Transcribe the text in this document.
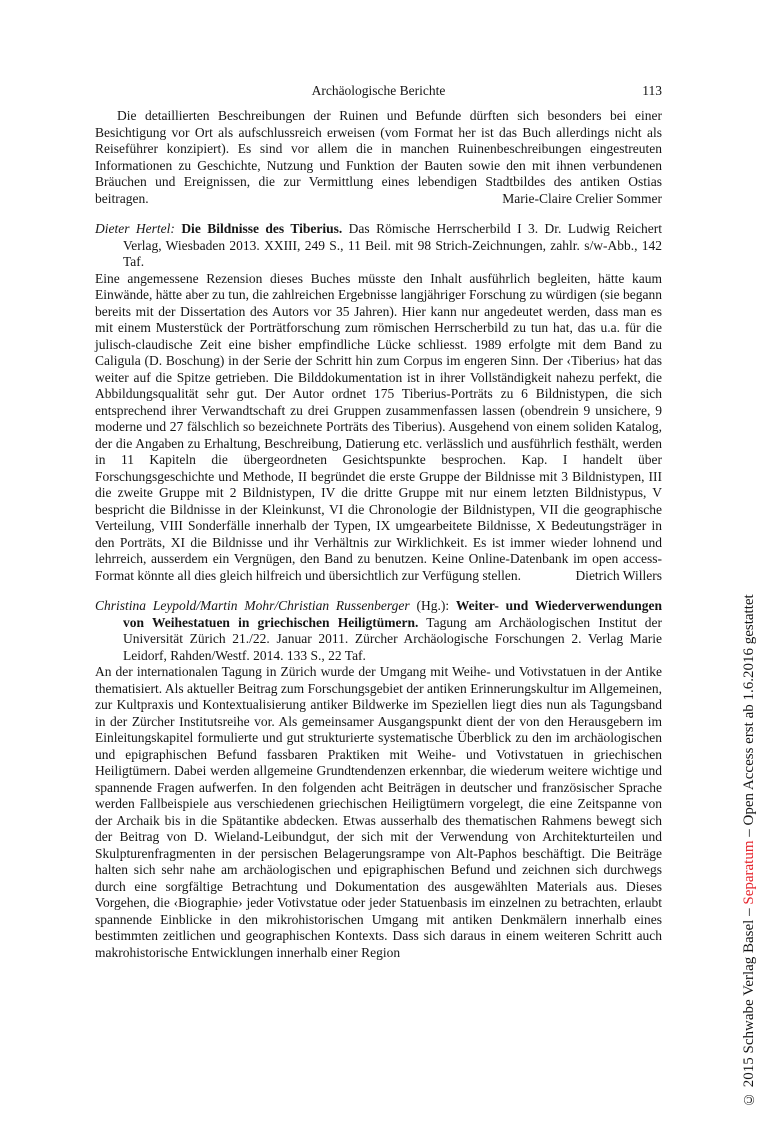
Archäologische Berichte	113

Die detaillierten Beschreibungen der Ruinen und Befunde dürften sich besonders bei einer Besichtigung vor Ort als aufschlussreich erweisen (vom Format her ist das Buch allerdings nicht als Reiseführer konzipiert). Es sind vor allem die in manchen Ruinenbeschreibungen eingestreuten Informationen zu Geschichte, Nutzung und Funktion der Bauten sowie den mit ihnen verbundenen Bräuchen und Ereignissen, die zur Vermittlung eines lebendigen Stadtbildes des antiken Ostias beitragen.	Marie-Claire Crelier Sommer

Dieter Hertel: Die Bildnisse des Tiberius. Das Römische Herrscherbild I 3. Dr. Ludwig Reichert Verlag, Wiesbaden 2013. XXIII, 249 S., 11 Beil. mit 98 Strich-Zeichnungen, zahlr. s/w-Abb., 142 Taf.

Eine angemessene Rezension dieses Buches müsste den Inhalt ausführlich begleiten, hätte kaum Einwände, hätte aber zu tun, die zahlreichen Ergebnisse langjähriger Forschung zu würdigen (sie begann bereits mit der Dissertation des Autors vor 35 Jahren). Hier kann nur angedeutet werden, dass man es mit einem Musterstück der Porträtforschung zum römischen Herrscherbild zu tun hat, das u.a. für die julisch-claudische Zeit eine bisher empfindliche Lücke schliesst. 1989 erfolgte mit dem Band zu Caligula (D. Boschung) in der Serie der Schritt hin zum Corpus im engeren Sinn. Der ‹Tiberius› hat das weiter auf die Spitze getrieben. Die Bilddokumentation ist in ihrer Vollständigkeit nahezu perfekt, die Abbildungsqualität sehr gut. Der Autor ordnet 175 Tiberius-Porträts zu 6 Bildnistypen, die sich entsprechend ihrer Verwandtschaft zu drei Gruppen zusammenfassen lassen (obendrein 9 unsichere, 9 moderne und 27 fälschlich so bezeichnete Porträts des Tiberius). Ausgehend von einem soliden Katalog, der die Angaben zu Erhaltung, Beschreibung, Datierung etc. verlässlich und ausführlich festhält, werden in 11 Kapiteln die übergeordneten Gesichtspunkte besprochen. Kap. I handelt über Forschungsgeschichte und Methode, II begründet die erste Gruppe der Bildnisse mit 3 Bildnistypen, III die zweite Gruppe mit 2 Bildnistypen, IV die dritte Gruppe mit nur einem letzten Bildnistypus, V bespricht die Bildnisse in der Kleinkunst, VI die Chronologie der Bildnistypen, VII die geographische Verteilung, VIII Sonderfälle innerhalb der Typen, IX umgearbeitete Bildnisse, X Bedeutungsträger in den Porträts, XI die Bildnisse und ihr Verhältnis zur Wirklichkeit. Es ist immer wieder lohnend und lehrreich, ausserdem ein Vergnügen, den Band zu benutzen. Keine Online-Datenbank im open access-Format könnte all dies gleich hilfreich und übersichtlich zur Verfügung stellen.	Dietrich Willers

Christina Leypold/Martin Mohr/Christian Russenberger (Hg.): Weiter- und Wiederverwendungen von Weihestatuen in griechischen Heiligtümern. Tagung am Archäologischen Institut der Universität Zürich 21./22. Januar 2011. Zürcher Archäologische Forschungen 2. Verlag Marie Leidorf, Rahden/Westf. 2014. 133 S., 22 Taf.

An der internationalen Tagung in Zürich wurde der Umgang mit Weihe- und Votivstatuen in der Antike thematisiert. Als aktueller Beitrag zum Forschungsgebiet der antiken Erinnerungskultur im Allgemeinen, zur Kultpraxis und Kontextualisierung antiker Bildwerke im Speziellen liegt dies nun als Tagungsband in der Zürcher Institutsreihe vor. Als gemeinsamer Ausgangspunkt dient der von den Herausgebern im Einleitungskapitel formulierte und gut strukturierte systematische Überblick zu den im archäologischen und epigraphischen Befund fassbaren Praktiken mit Weihe- und Votivstatuen in griechischen Heiligtümern. Dabei werden allgemeine Grundtendenzen erkennbar, die wiederum weitere wichtige und spannende Fragen aufwerfen. In den folgenden acht Beiträgen in deutscher und französischer Sprache werden Fallbeispiele aus verschiedenen griechischen Heiligtümern vorgelegt, die eine Zeitspanne von der Archaik bis in die Spätantike abdecken. Etwas ausserhalb des thematischen Rahmens bewegt sich der Beitrag von D. Wieland-Leibundgut, der sich mit der Verwendung von Architekturteilen und Skulpturenfragmenten in der persischen Belagerungsrampe von Alt-Paphos beschäftigt. Die Beiträge halten sich sehr nahe am archäologischen und epigraphischen Befund und zeichnen sich durchwegs durch eine sorgfältige Betrachtung und Dokumentation des ausgewählten Materials aus. Dieses Vorgehen, die ‹Biographie› jeder Votivstatue oder jeder Statuenbasis im einzelnen zu betrachten, erlaubt spannende Einblicke in den mikrohistorischen Umgang mit antiken Denkmälern innerhalb eines bestimmten zeitlichen und geographischen Kontexts. Dass sich daraus in einem weiteren Schritt auch makrohistorische Entwicklungen innerhalb einer Region	© 2015 Schwabe Verlag Basel – Separatum – Open Access erst ab 1.6.2016 gestattet
